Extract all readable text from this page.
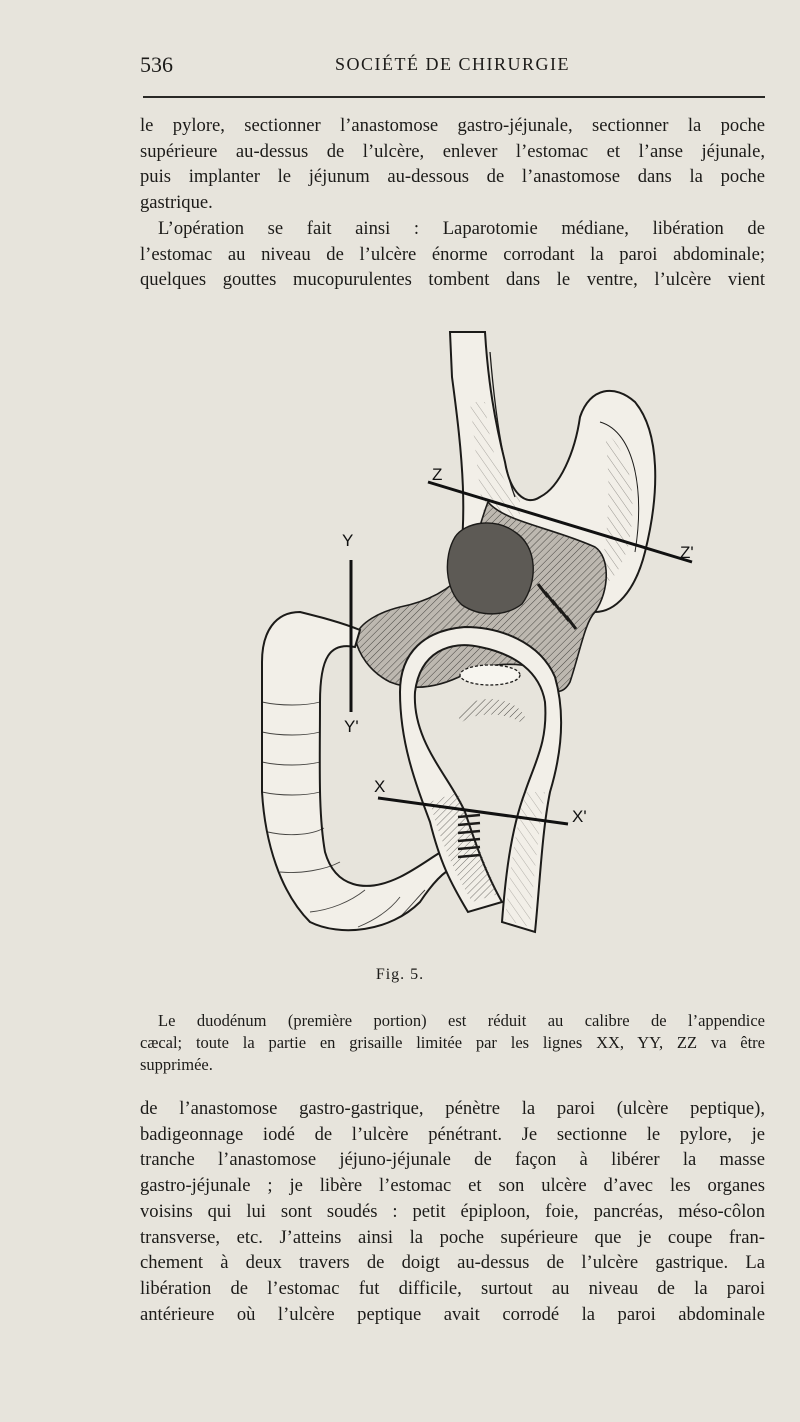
536	SOCIÉTÉ DE CHIRURGIE
le pylore, sectionner l’anastomose gastro-jéjunale, sectionner la poche
supérieure au-dessus de l’ulcère, enlever l’estomac et l’anse jéjunale,
puis implanter le jéjunum au-dessous de l’anastomose dans la poche
gastrique.
L’opération se fait ainsi : Laparotomie médiane, libération de
l’estomac au niveau de l’ulcère énorme corrodant la paroi abdominale;
quelques gouttes mucopurulentes tombent dans le ventre, l’ulcère vient
Z
Z'
Y
Y'
X
X'
Fig. 5.
Le duodénum (première portion) est réduit au calibre de l’appendice
cæcal; toute la partie en grisaille limitée par les lignes XX, YY, ZZ va être
supprimée.
de l’anastomose gastro-gastrique, pénètre la paroi (ulcère peptique),
badigeonnage iodé de l’ulcère pénétrant. Je sectionne le pylore, je
tranche l’anastomose jéjuno-jéjunale de façon à libérer la masse
gastro-jéjunale ; je libère l’estomac et son ulcère d’avec les organes
voisins qui lui sont soudés : petit épiploon, foie, pancréas, méso-côlon
transverse, etc. J’atteins ainsi la poche supérieure que je coupe fran-
chement à deux travers de doigt au-dessus de l’ulcère gastrique. La
libération de l’estomac fut difficile, surtout au niveau de la paroi
antérieure où l’ulcère peptique avait corrodé la paroi abdominale
